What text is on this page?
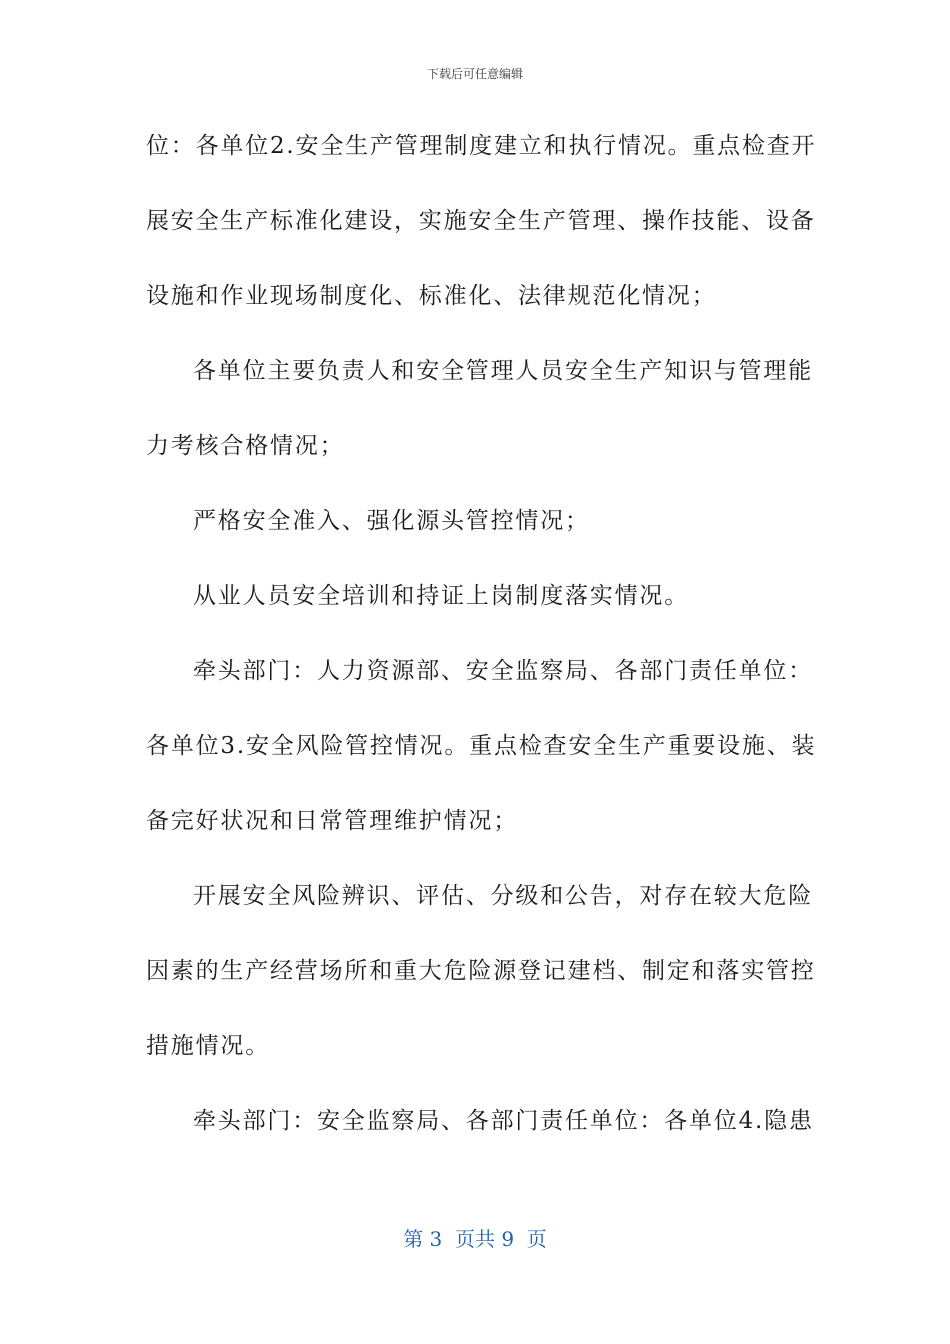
下载后可任意编辑
位：各单位2.安全生产管理制度建立和执行情况。重点检查开
展安全生产标准化建设，实施安全生产管理、操作技能、设备
设施和作业现场制度化、标准化、法律规范化情况；
各单位主要负责人和安全管理人员安全生产知识与管理能
力考核合格情况；
严格安全准入、强化源头管控情况；
从业人员安全培训和持证上岗制度落实情况。
牵头部门：人力资源部、安全监察局、各部门责任单位：
各单位3.安全风险管控情况。重点检查安全生产重要设施、装
备完好状况和日常管理维护情况；
开展安全风险辨识、评估、分级和公告，对存在较大危险
因素的生产经营场所和重大危险源登记建档、制定和落实管控
措施情况。
牵头部门：安全监察局、各部门责任单位：各单位4.隐患
第 3  页共 9  页
